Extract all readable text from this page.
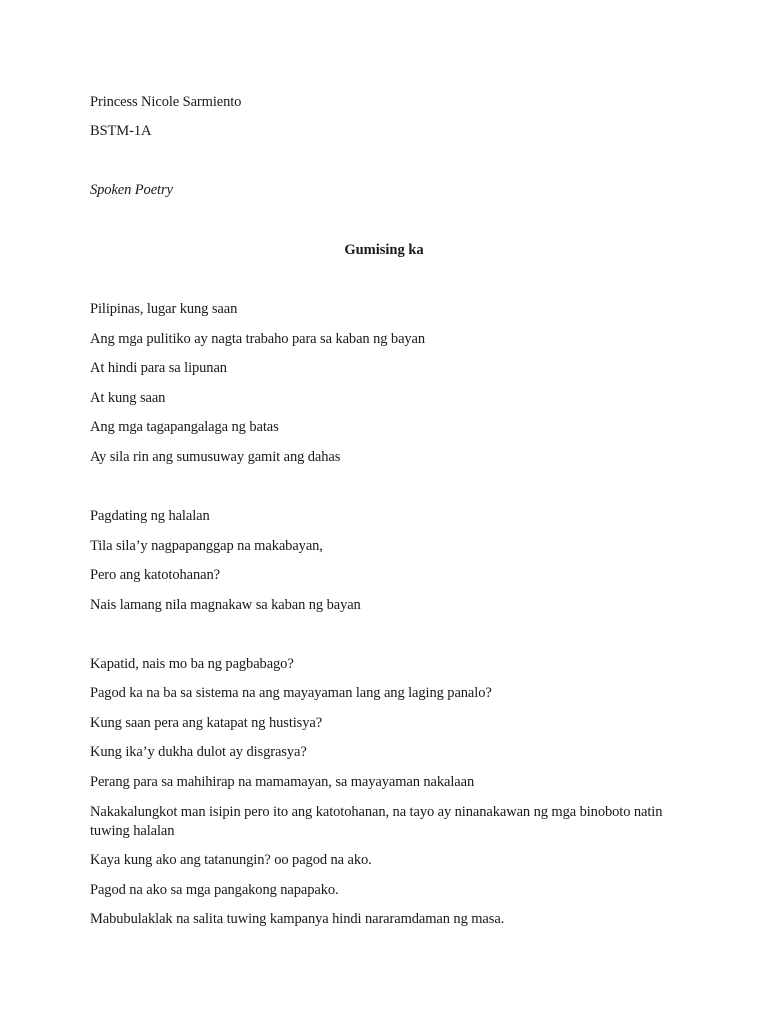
Princess Nicole Sarmiento
BSTM-1A
Spoken Poetry
Gumising ka
Pilipinas, lugar kung saan
Ang mga pulitiko ay nagta trabaho para sa kaban ng bayan
At hindi para sa lipunan
At kung saan
Ang mga tagapangalaga ng batas
Ay sila rin ang sumusuway gamit ang dahas
Pagdating ng halalan
Tila sila’y nagpapanggap na makabayan,
Pero ang katotohanan?
Nais lamang nila magnakaw sa kaban ng bayan
Kapatid, nais mo ba ng pagbabago?
Pagod ka na ba sa sistema na ang mayayaman lang ang laging panalo?
Kung saan pera ang katapat ng hustisya?
Kung ika’y dukha dulot ay disgrasya?
Perang para sa mahihirap na mamamayan, sa mayayaman nakalaan
Nakakalungkot man isipin pero ito ang katotohanan, na tayo ay ninanakawan ng mga binoboto natin tuwing halalan
Kaya kung ako ang tatanungin? oo pagod na ako.
Pagod na ako sa mga pangakong napapako.
Mabubulaklak na salita tuwing kampanya hindi nararamdaman ng masa.
